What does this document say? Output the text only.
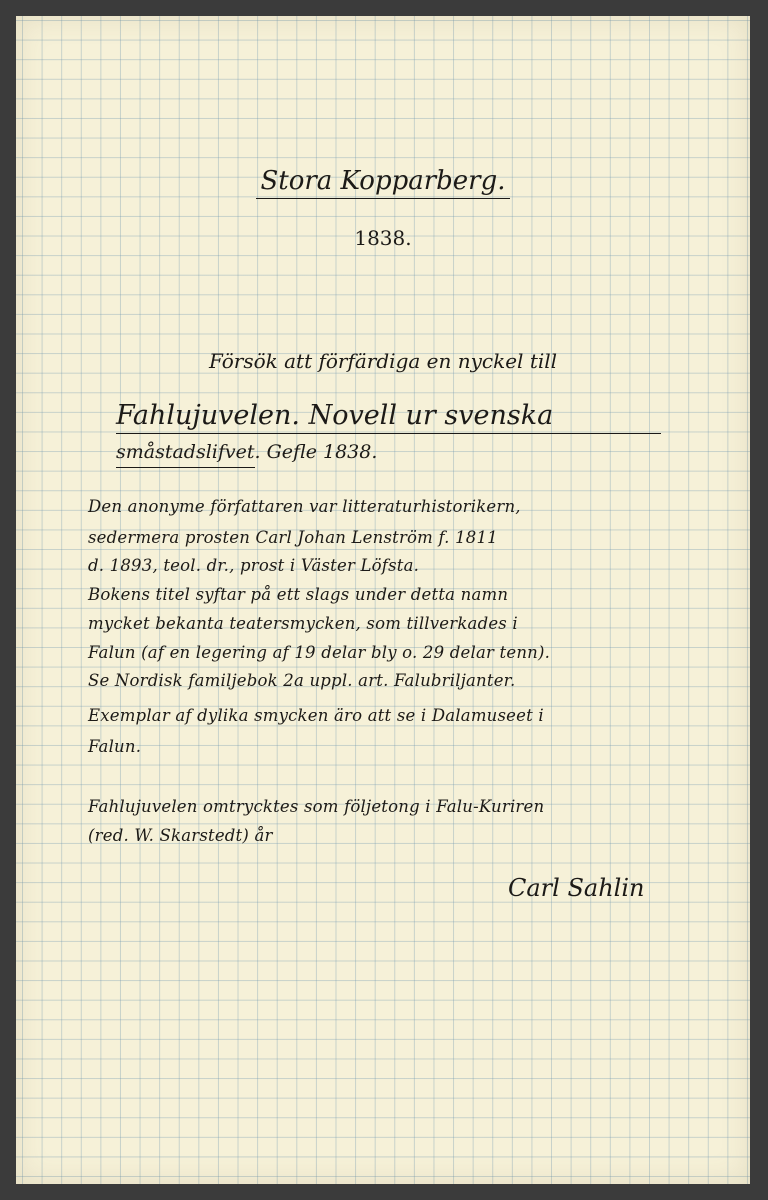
Stora Kopparberg.
1838.
Försök att förfärdiga en nyckel till
Fahlujuvelen. Novell ur svenska
småstadslifvet. Gefle 1838.
Den anonyme författaren var litteraturhistorikern,
sedermera prosten Carl Johan Lenström f. 1811
d. 1893, teol. dr., prost i Väster Löfsta.
Bokens titel syftar på ett slags under detta namn
mycket bekanta teatersmycken, som tillverkades i
Falun (af en legering af 19 delar bly o. 29 delar tenn).
Se Nordisk familjebok 2a uppl. art. Falubriljanter.
Exemplar af dylika smycken äro att se i Dalamuseet i
Falun.
Fahlujuvelen omtrycktes som följetong i Falu-Kuriren
(red. W. Skarstedt) år
Carl Sahlin
